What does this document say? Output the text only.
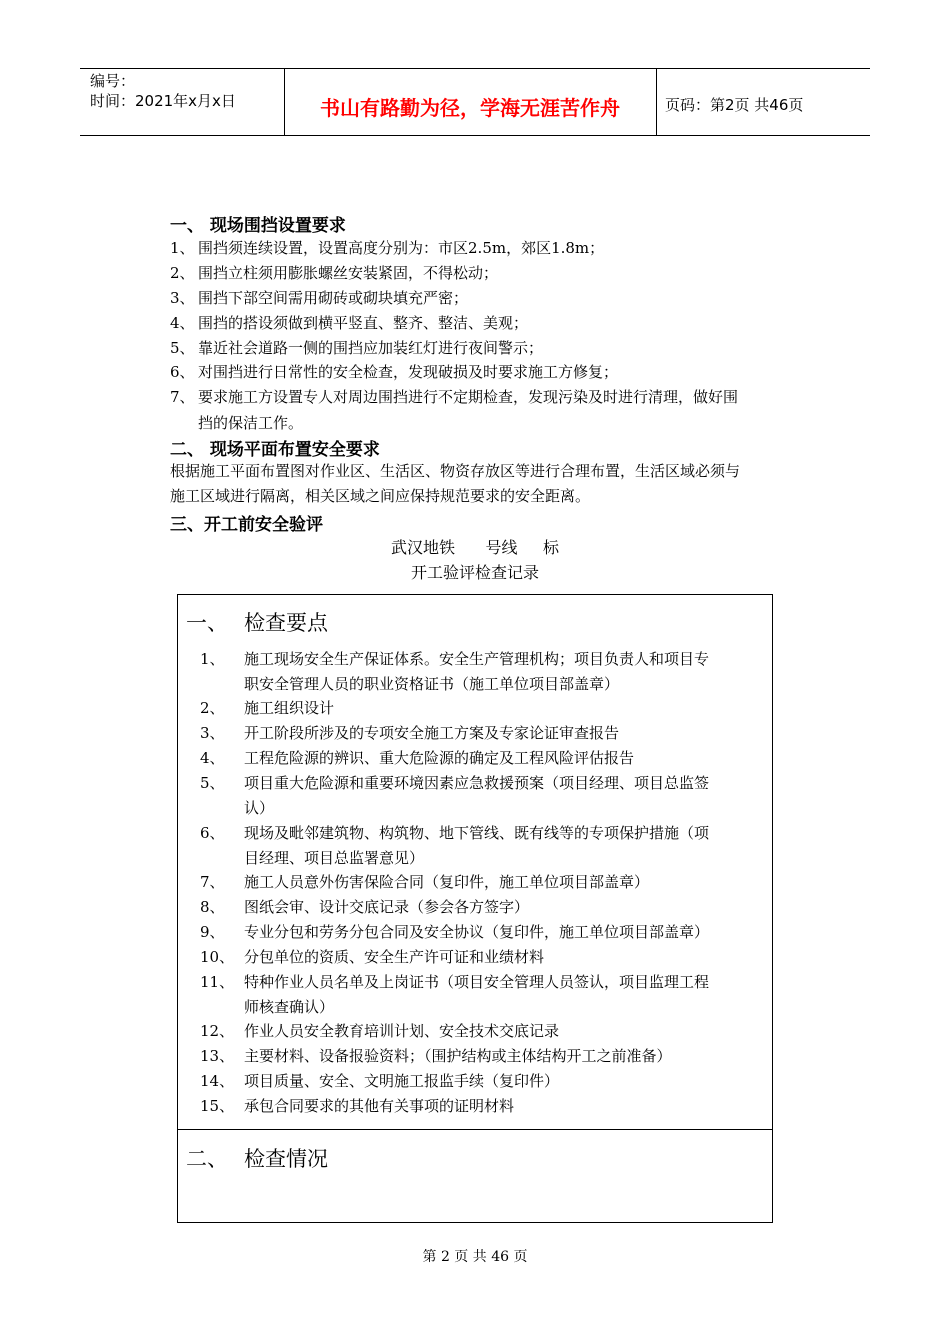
编号：
时间：2021年x月x日	书山有路勤为径，学海无涯苦作舟	页码：第2页 共46页
一、 现场围挡设置要求
1、 围挡须连续设置，设置高度分别为：市区2.5m，郊区1.8m；
2、 围挡立柱须用膨胀螺丝安装紧固，不得松动；
3、 围挡下部空间需用砌砖或砌块填充严密；
4、 围挡的搭设须做到横平竖直、整齐、整洁、美观；
5、 靠近社会道路一侧的围挡应加装红灯进行夜间警示；
6、 对围挡进行日常性的安全检查，发现破损及时要求施工方修复；
7、 要求施工方设置专人对周边围挡进行不定期检查，发现污染及时进行清理，做好围
挡的保洁工作。
二、 现场平面布置安全要求
根据施工平面布置图对作业区、生活区、物资存放区等进行合理布置，生活区域必须与
施工区域进行隔离，相关区域之间应保持规范要求的安全距离。
三、开工前安全验评
武汉地铁      号线     标
开工验评检查记录
一、 检查要点
1、	施工现场安全生产保证体系。安全生产管理机构；项目负责人和项目专
职安全管理人员的职业资格证书（施工单位项目部盖章）
2、	施工组织设计
3、	开工阶段所涉及的专项安全施工方案及专家论证审查报告
4、	工程危险源的辨识、重大危险源的确定及工程风险评估报告
5、	项目重大危险源和重要环境因素应急救援预案（项目经理、项目总监签
认）
6、	现场及毗邻建筑物、构筑物、地下管线、既有线等的专项保护措施（项
目经理、项目总监署意见）
7、	施工人员意外伤害保险合同（复印件，施工单位项目部盖章）
8、	图纸会审、设计交底记录（参会各方签字）
9、	专业分包和劳务分包合同及安全协议（复印件，施工单位项目部盖章）
10、 分包单位的资质、安全生产许可证和业绩材料
11、 特种作业人员名单及上岗证书（项目安全管理人员签认，项目监理工程
师核查确认）
12、 作业人员安全教育培训计划、安全技术交底记录
13、 主要材料、设备报验资料；（围护结构或主体结构开工之前准备）
14、 项目质量、安全、文明施工报监手续（复印件）
15、 承包合同要求的其他有关事项的证明材料
二、 检查情况
第 2 页 共 46 页
